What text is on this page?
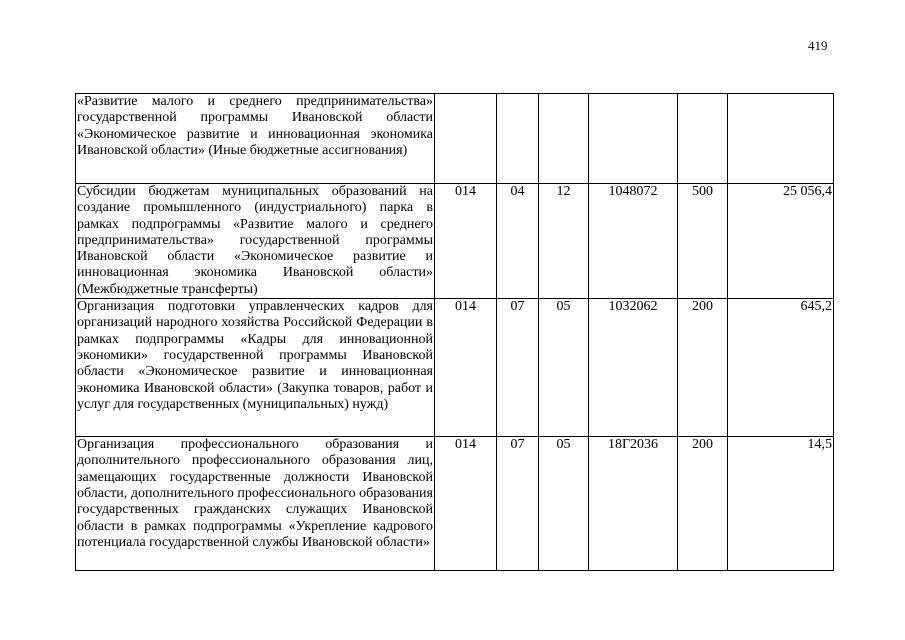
419
«Развитие малого и среднего предпринимательства» государственной программы Ивановской области «Экономическое развитие и инновационная экономика Ивановской области» (Иные бюджетные ассигнования)						
Субсидии бюджетам муниципальных образований на создание промышленного (индустриального) парка в рамках подпрограммы «Развитие малого и среднего предпринимательства» государственной программы Ивановской области «Экономическое развитие и инновационная экономика Ивановской области» (Межбюджетные трансферты)	014	04	12	1048072	500	25 056,4
Организация подготовки управленческих кадров для организаций народного хозяйства Российской Федерации в рамках подпрограммы «Кадры для инновационной экономики» государственной программы Ивановской области «Экономическое развитие и инновационная экономика Ивановской области» (Закупка товаров, работ и услуг для государственных (муниципальных) нужд)	014	07	05	1032062	200	645,2
Организация профессионального образования и дополнительного профессионального образования лиц, замещающих государственные должности Ивановской области, дополнительного профессионального образования государственных гражданских служащих Ивановской области в рамках подпрограммы «Укрепление кадрового потенциала государственной службы Ивановской области»	014	07	05	18Г2036	200	14,5
